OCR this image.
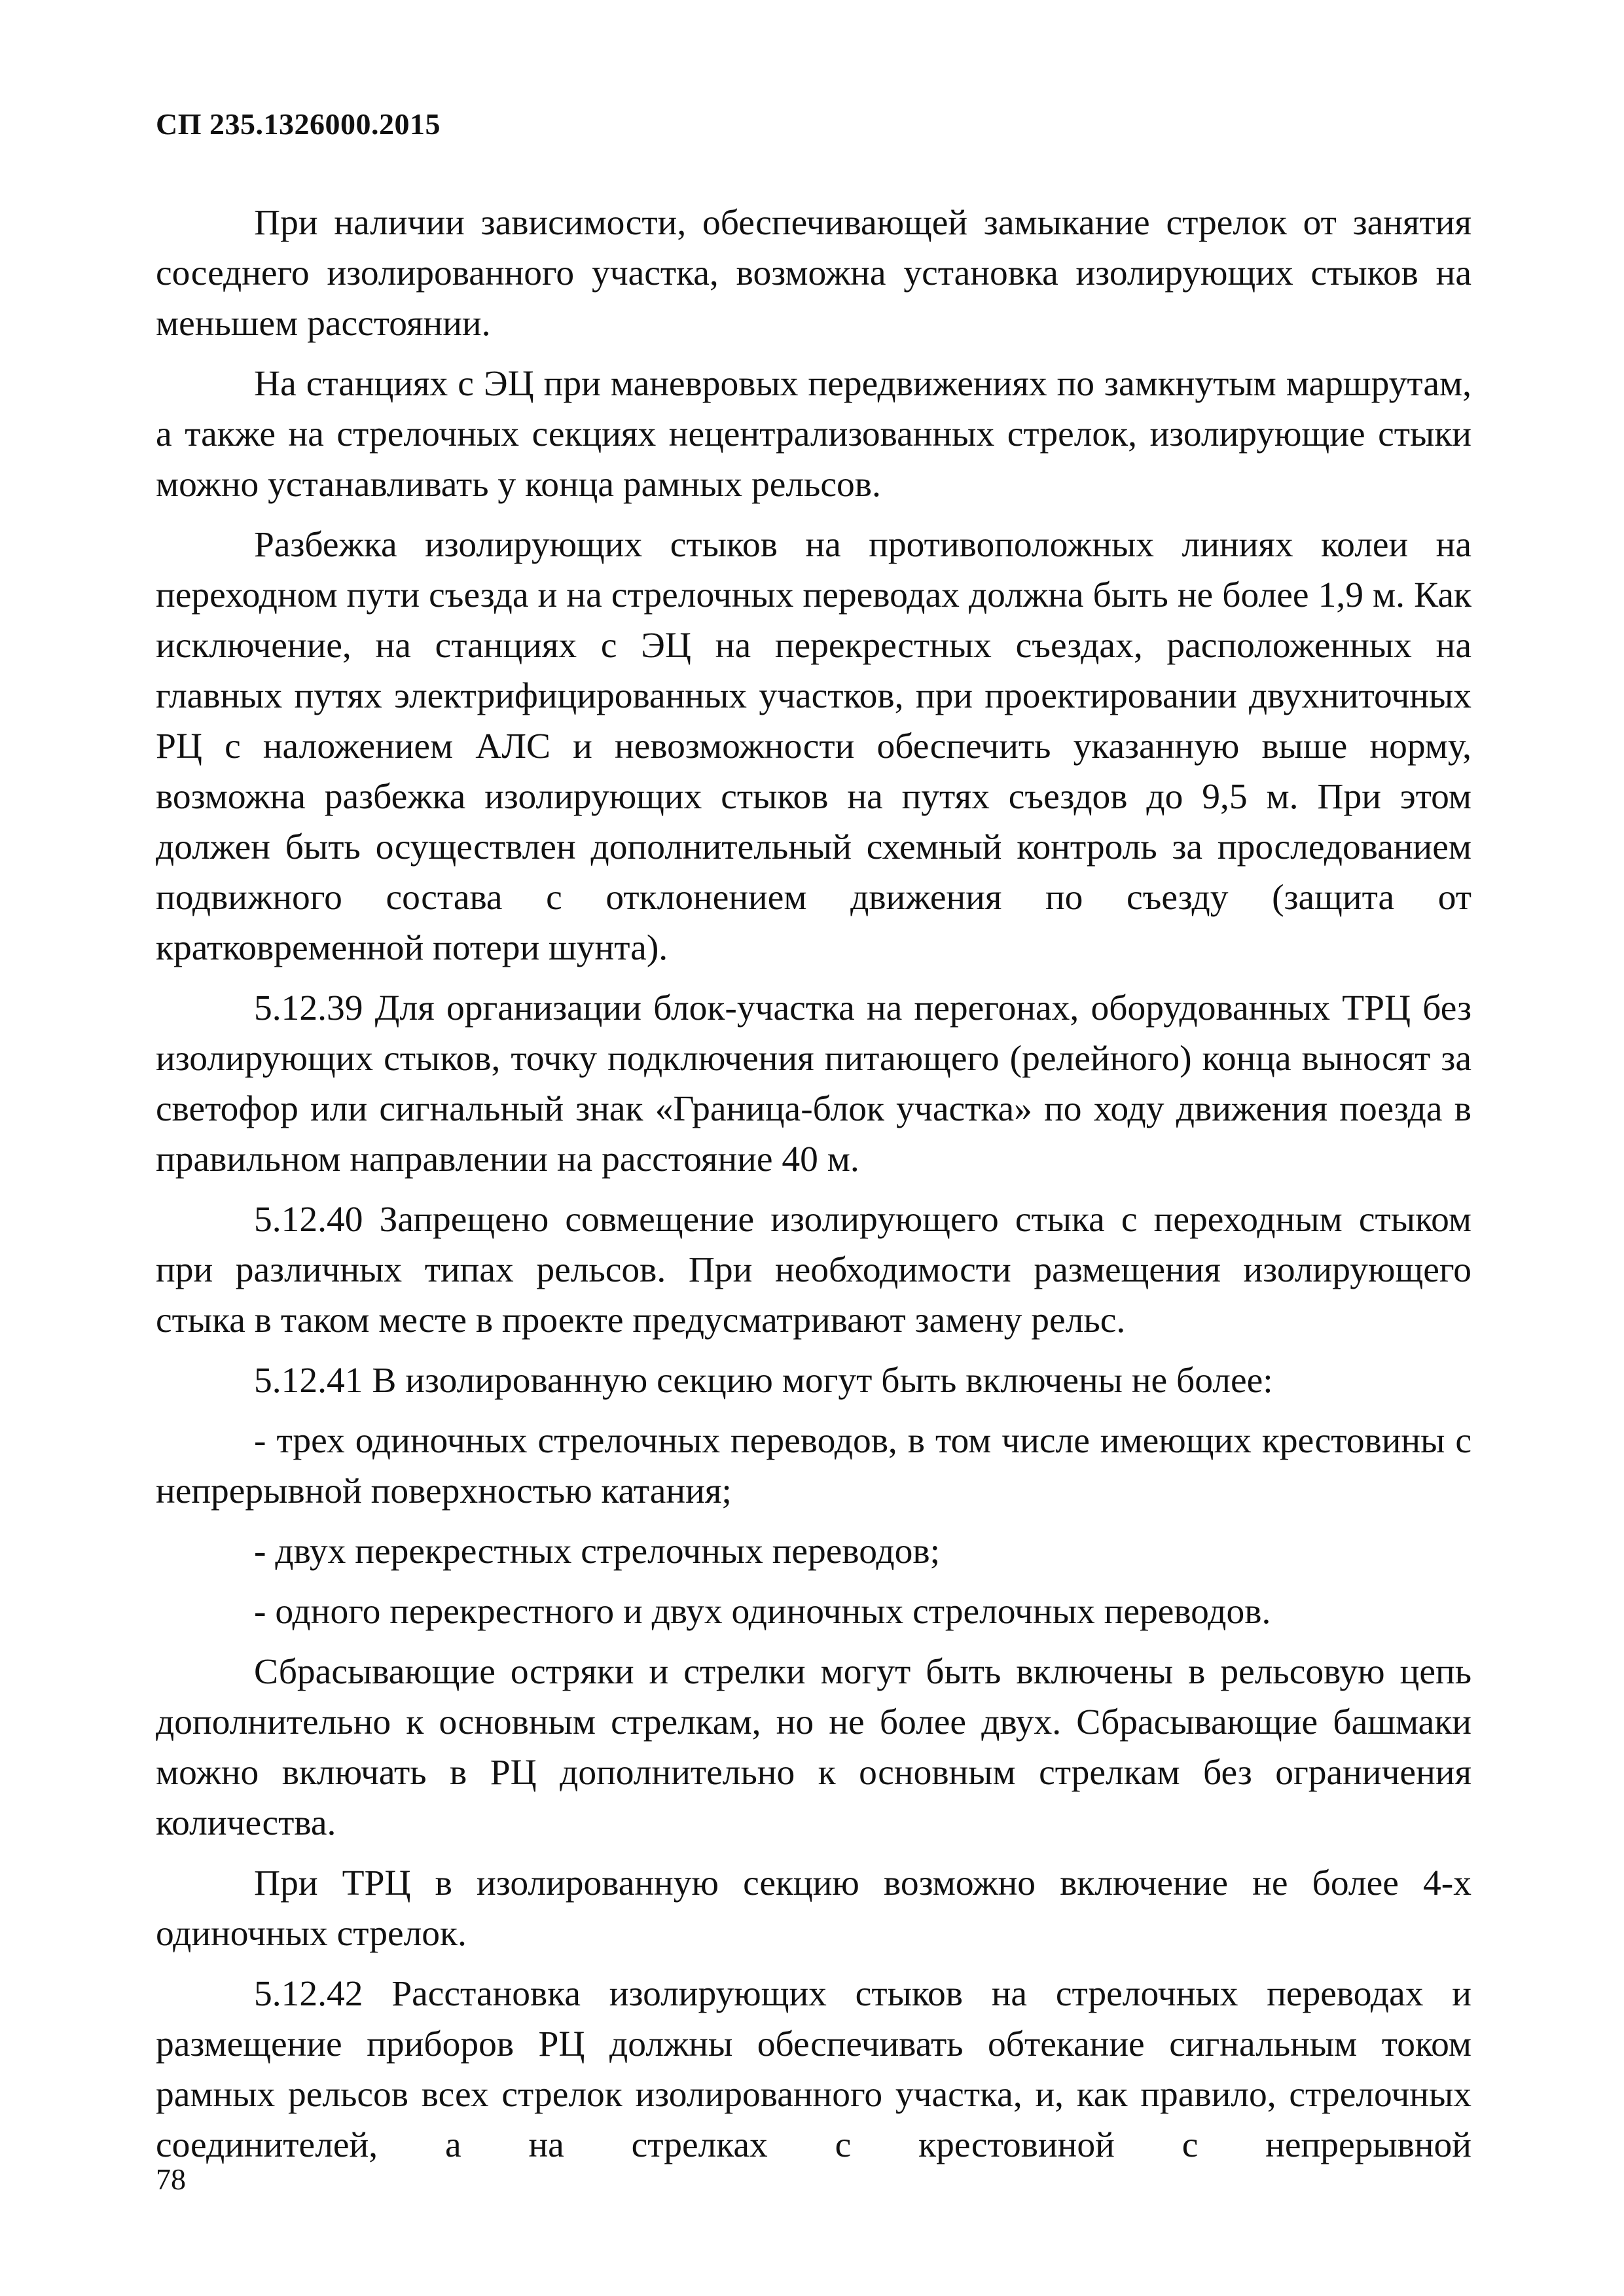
СП 235.1326000.2015

При наличии зависимости, обеспечивающей замыкание стрелок от занятия соседнего изолированного участка, возможна установка изолирующих стыков на меньшем расстоянии.

На станциях с ЭЦ при маневровых передвижениях по замкнутым маршрутам, а также на стрелочных секциях нецентрализованных стрелок, изолирующие стыки можно устанавливать у конца рамных рельсов.

Разбежка изолирующих стыков на противоположных линиях колеи на переходном пути съезда и на стрелочных переводах должна быть не более 1,9 м. Как исключение, на станциях с ЭЦ на перекрестных съездах, расположенных на главных путях электрифицированных участков, при проектировании двухниточных РЦ с наложением АЛС и невозможности обеспечить указанную выше норму, возможна разбежка изолирующих стыков на путях съездов до 9,5 м. При этом должен быть осуществлен дополнительный схемный контроль за проследованием подвижного состава с отклонением движения по съезду (защита от кратковременной потери шунта).

5.12.39 Для организации блок-участка на перегонах, оборудованных ТРЦ без изолирующих стыков, точку подключения питающего (релейного) конца выносят за светофор или сигнальный знак «Граница-блок участка» по ходу движения поезда в правильном направлении на расстояние 40 м.

5.12.40 Запрещено совмещение изолирующего стыка с переходным стыком при различных типах рельсов. При необходимости размещения изолирующего стыка в таком месте в проекте предусматривают замену рельс.

5.12.41 В изолированную секцию могут быть включены не более:

- трех одиночных стрелочных переводов, в том числе имеющих крестовины с непрерывной поверхностью катания;

- двух перекрестных стрелочных переводов;

- одного перекрестного и двух одиночных стрелочных переводов.

Сбрасывающие остряки и стрелки могут быть включены в рельсовую цепь дополнительно к основным стрелкам, но не более двух. Сбрасывающие башмаки можно включать в РЦ дополнительно к основным стрелкам без ограничения количества.

При ТРЦ в изолированную секцию возможно включение не более 4-х одиночных стрелок.

5.12.42 Расстановка изолирующих стыков на стрелочных переводах и размещение приборов РЦ должны обеспечивать обтекание сигнальным током рамных рельсов всех стрелок изолированного участка, и, как правило, стрелочных соединителей, а на стрелках с крестовиной с непрерывной

78
